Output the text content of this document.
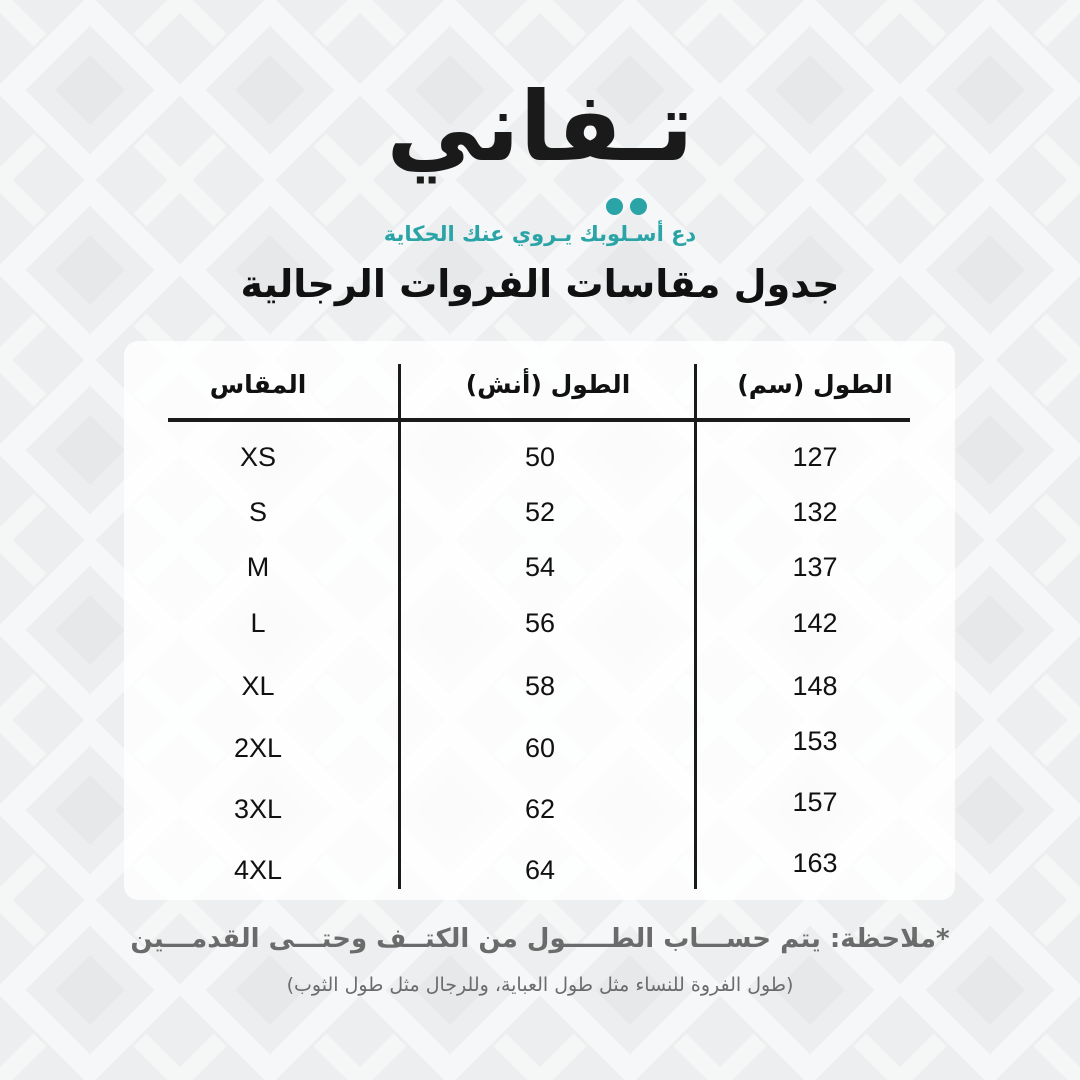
تـفاني
دع أسـلوبك يـروي عنك الحكاية
جدول مقاسات الفروات الرجالية
الطول (سم)
الطول (أنش)
المقاس
127
50
XS
132
52
S
137
54
M
142
56
L
148
58
XL
153
60
2XL
157
62
3XL
163
64
4XL
*ملاحظة: يتم حســـاب الطـــــول من الكتــف وحتـــى القدمـــين
(طول الفروة للنساء مثل طول العباية، وللرجال مثل طول الثوب)
